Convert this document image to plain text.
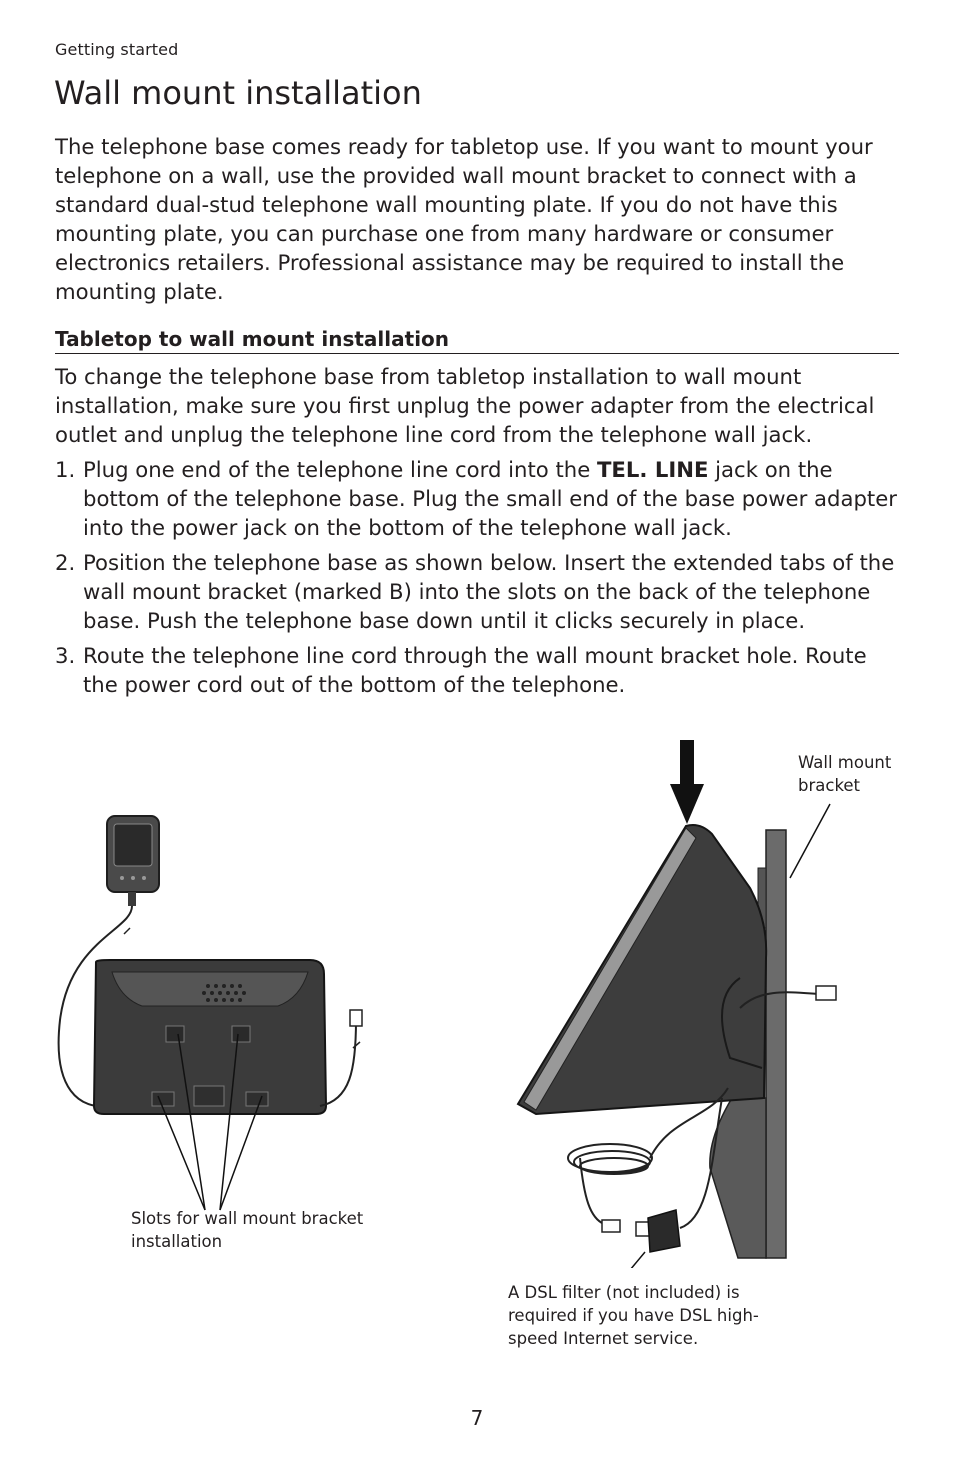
Getting started
Wall mount installation

The telephone base comes ready for tabletop use. If you want to mount your telephone on a wall, use the provided wall mount bracket to connect with a standard dual-stud telephone wall mounting plate. If you do not have this mounting plate, you can purchase one from many hardware or consumer electronics retailers. Professional assistance may be required to install the mounting plate.

Tabletop to wall mount installation

To change the telephone base from tabletop installation to wall mount installation, make sure you first unplug the power adapter from the electrical outlet and unplug the telephone line cord from the telephone wall jack.

1. Plug one end of the telephone line cord into the TEL. LINE jack on the bottom of the telephone base. Plug the small end of the base power adapter into the power jack on the bottom of the telephone wall jack.
2. Position the telephone base as shown below. Insert the extended tabs of the wall mount bracket (marked B) into the slots on the back of the telephone base. Push the telephone base down until it clicks securely in place.
3. Route the telephone line cord through the wall mount bracket hole. Route the power cord out of the bottom of the telephone.
Wall mount bracket
Slots for wall mount bracket installation
A DSL filter (not included) is required if you have DSL high-speed Internet service.
7
